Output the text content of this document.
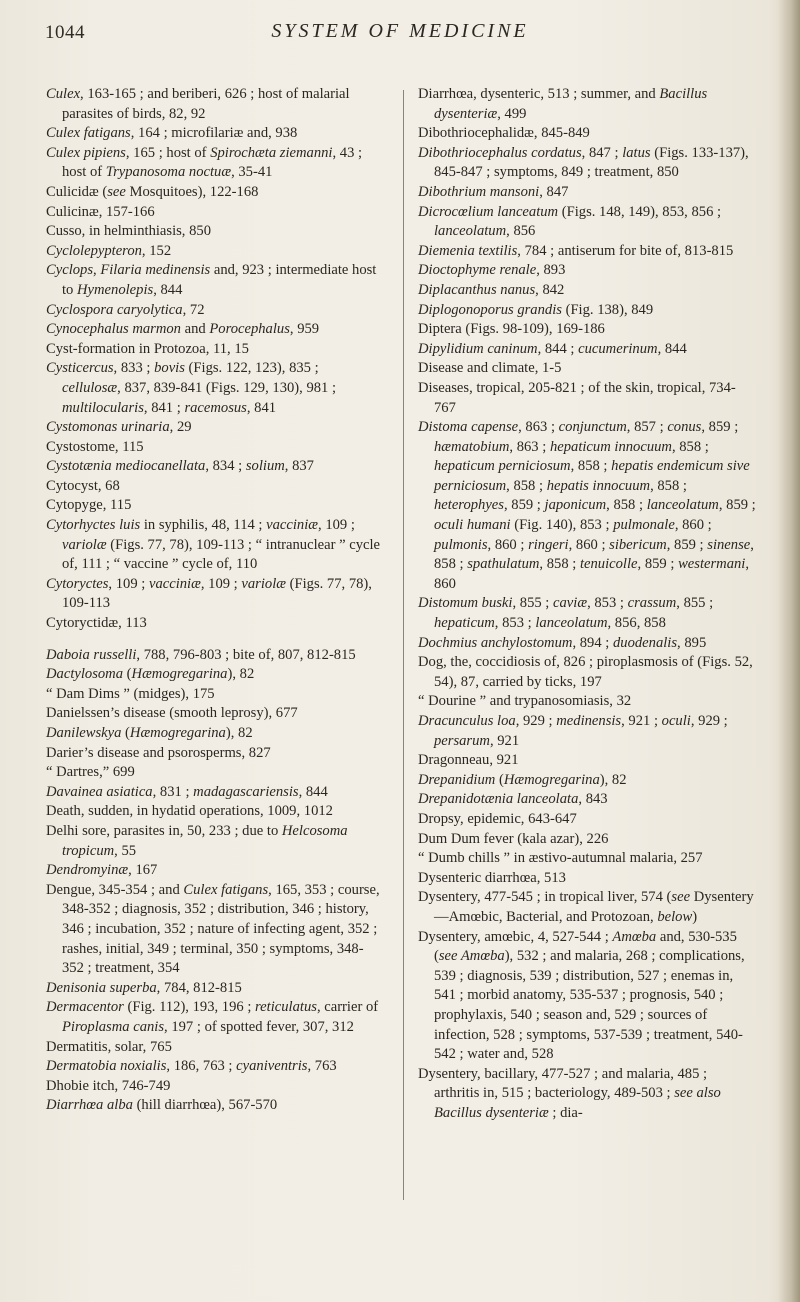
1044	SYSTEM OF MEDICINE

Culex, 163-165 ; and beriberi, 626 ; host of malarial parasites of birds, 82, 92

Culex fatigans, 164 ; microfilariæ and, 938

Culex pipiens, 165 ; host of Spirochæta ziemanni, 43 ; host of Trypanosoma noctuæ, 35-41

Culicidæ (see Mosquitoes), 122-168

Culicinæ, 157-166

Cusso, in helminthiasis, 850

Cyclolepypteron, 152

Cyclops, Filaria medinensis and, 923 ; intermediate host to Hymenolepis, 844

Cyclospora caryolytica, 72

Cynocephalus marmon and Porocephalus, 959

Cyst-formation in Protozoa, 11, 15

Cysticercus, 833 ; bovis (Figs. 122, 123), 835 ; cellulosæ, 837, 839-841 (Figs. 129, 130), 981 ; multilocularis, 841 ; racemosus, 841

Cystomonas urinaria, 29

Cystostome, 115

Cystotænia mediocanellata, 834 ; solium, 837

Cytocyst, 68

Cytopyge, 115

Cytorhyctes luis in syphilis, 48, 114 ; vacciniæ, 109 ; variolæ (Figs. 77, 78), 109-113 ; “ intranuclear ” cycle of, 111 ; “ vaccine ” cycle of, 110

Cytoryctes, 109 ; vacciniæ, 109 ; variolæ (Figs. 77, 78), 109-113

Cytoryctidæ, 113

Daboia russelli, 788, 796-803 ; bite of, 807, 812-815

Dactylosoma (Hæmogregarina), 82

“ Dam Dims ” (midges), 175

Danielssen’s disease (smooth leprosy), 677

Danilewskya (Hæmogregarina), 82

Darier’s disease and psorosperms, 827

“ Dartres,” 699

Davainea asiatica, 831 ; madagascariensis, 844

Death, sudden, in hydatid operations, 1009, 1012

Delhi sore, parasites in, 50, 233 ; due to Helcosoma tropicum, 55

Dendromyinæ, 167

Dengue, 345-354 ; and Culex fatigans, 165, 353 ; course, 348-352 ; diagnosis, 352 ; distribution, 346 ; history, 346 ; incubation, 352 ; nature of infecting agent, 352 ; rashes, initial, 349 ; terminal, 350 ; symptoms, 348-352 ; treatment, 354

Denisonia superba, 784, 812-815

Dermacentor (Fig. 112), 193, 196 ; reticulatus, carrier of Piroplasma canis, 197 ; of spotted fever, 307, 312

Dermatitis, solar, 765

Dermatobia noxialis, 186, 763 ; cyaniventris, 763

Dhobie itch, 746-749

Diarrhœa alba (hill diarrhœa), 567-570

Diarrhœa, dysenteric, 513 ; summer, and Bacillus dysenteriæ, 499

Dibothriocephalidæ, 845-849

Dibothriocephalus cordatus, 847 ; latus (Figs. 133-137), 845-847 ; symptoms, 849 ; treatment, 850

Dibothrium mansoni, 847

Dicrocœlium lanceatum (Figs. 148, 149), 853, 856 ; lanceolatum, 856

Diemenia textilis, 784 ; antiserum for bite of, 813-815

Dioctophyme renale, 893

Diplacanthus nanus, 842

Diplogonoporus grandis (Fig. 138), 849

Diptera (Figs. 98-109), 169-186

Dipylidium caninum, 844 ; cucumerinum, 844

Disease and climate, 1-5

Diseases, tropical, 205-821 ; of the skin, tropical, 734-767

Distoma capense, 863 ; conjunctum, 857 ; conus, 859 ; hæmatobium, 863 ; hepaticum innocuum, 858 ; hepaticum perniciosum, 858 ; hepatis endemicum sive perniciosum, 858 ; hepatis innocuum, 858 ; heterophyes, 859 ; japonicum, 858 ; lanceolatum, 859 ; oculi humani (Fig. 140), 853 ; pulmonale, 860 ; pulmonis, 860 ; ringeri, 860 ; sibericum, 859 ; sinense, 858 ; spathulatum, 858 ; tenuicolle, 859 ; westermani, 860

Distomum buski, 855 ; caviæ, 853 ; crassum, 855 ; hepaticum, 853 ; lanceolatum, 856, 858

Dochmius anchylostomum, 894 ; duodenalis, 895

Dog, the, coccidiosis of, 826 ; piroplasmosis of (Figs. 52, 54), 87, carried by ticks, 197

“ Dourine ” and trypanosomiasis, 32

Dracunculus loa, 929 ; medinensis, 921 ; oculi, 929 ; persarum, 921

Dragonneau, 921

Drepanidium (Hæmogregarina), 82

Drepanidotænia lanceolata, 843

Dropsy, epidemic, 643-647

Dum Dum fever (kala azar), 226

“ Dumb chills ” in æstivo-autumnal malaria, 257

Dysenteric diarrhœa, 513

Dysentery, 477-545 ; in tropical liver, 574 (see Dysentery—Amœbic, Bacterial, and Protozoan, below)

Dysentery, amœbic, 4, 527-544 ; Amœba and, 530-535 (see Amœba), 532 ; and malaria, 268 ; complications, 539 ; diagnosis, 539 ; distribution, 527 ; enemas in, 541 ; morbid anatomy, 535-537 ; prognosis, 540 ; prophylaxis, 540 ; season and, 529 ; sources of infection, 528 ; symptoms, 537-539 ; treatment, 540-542 ; water and, 528

Dysentery, bacillary, 477-527 ; and malaria, 485 ; arthritis in, 515 ; bacteriology, 489-503 ; see also Bacillus dysenteriæ ; dia-
